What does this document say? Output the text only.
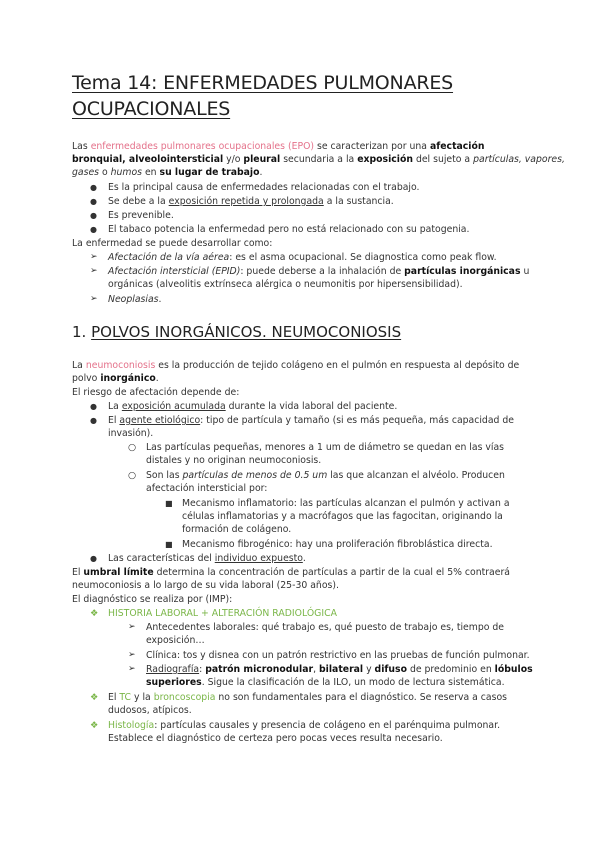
Tema 14: ENFERMEDADES PULMONARES
OCUPACIONALES
Las enfermedades pulmonares ocupacionales (EPO) se caracterizan por una afectación
bronquial, alveolointersticial y/o pleural secundaria a la exposición del sujeto a partículas, vapores,
gases o humos en su lugar de trabajo.
● Es la principal causa de enfermedades relacionadas con el trabajo.
● Se debe a la exposición repetida y prolongada a la sustancia.
● Es prevenible.
● El tabaco potencia la enfermedad pero no está relacionado con su patogenia.
La enfermedad se puede desarrollar como:
➢ Afectación de la vía aérea: es el asma ocupacional. Se diagnostica como peak flow.
➢ Afectación intersticial (EPID): puede deberse a la inhalación de partículas inorgánicas u
orgánicas (alveolitis extrínseca alérgica o neumonitis por hipersensibilidad).
➢ Neoplasias.
1. POLVOS INORGÁNICOS. NEUMOCONIOSIS
La neumoconiosis es la producción de tejido colágeno en el pulmón en respuesta al depósito de
polvo inorgánico.
El riesgo de afectación depende de:
● La exposición acumulada durante la vida laboral del paciente.
● El agente etiológico: tipo de partícula y tamaño (si es más pequeña, más capacidad de
invasión).
○ Las partículas pequeñas, menores a 1 um de diámetro se quedan en las vías
distales y no originan neumoconiosis.
○ Son las partículas de menos de 0.5 um las que alcanzan el alvéolo. Producen
afectación intersticial por:
■ Mecanismo inflamatorio: las partículas alcanzan el pulmón y activan a
células inflamatorias y a macrófagos que las fagocitan, originando la
formación de colágeno.
■ Mecanismo fibrogénico: hay una proliferación fibroblástica directa.
● Las características del individuo expuesto.
El umbral límite determina la concentración de partículas a partir de la cual el 5% contraerá
neumoconiosis a lo largo de su vida laboral (25-30 años).
El diagnóstico se realiza por (IMP):
❖ HISTORIA LABORAL + ALTERACIÓN RADIOLÓGICA
➢ Antecedentes laborales: qué trabajo es, qué puesto de trabajo es, tiempo de
exposición…
➢ Clínica: tos y disnea con un patrón restrictivo en las pruebas de función pulmonar.
➢ Radiografía: patrón micronodular, bilateral y difuso de predominio en lóbulos
superiores. Sigue la clasificación de la ILO, un modo de lectura sistemática.
❖ El TC y la broncoscopia no son fundamentales para el diagnóstico. Se reserva a casos
dudosos, atípicos.
❖ Histología: partículas causales y presencia de colágeno en el parénquima pulmonar.
Establece el diagnóstico de certeza pero pocas veces resulta necesario.
